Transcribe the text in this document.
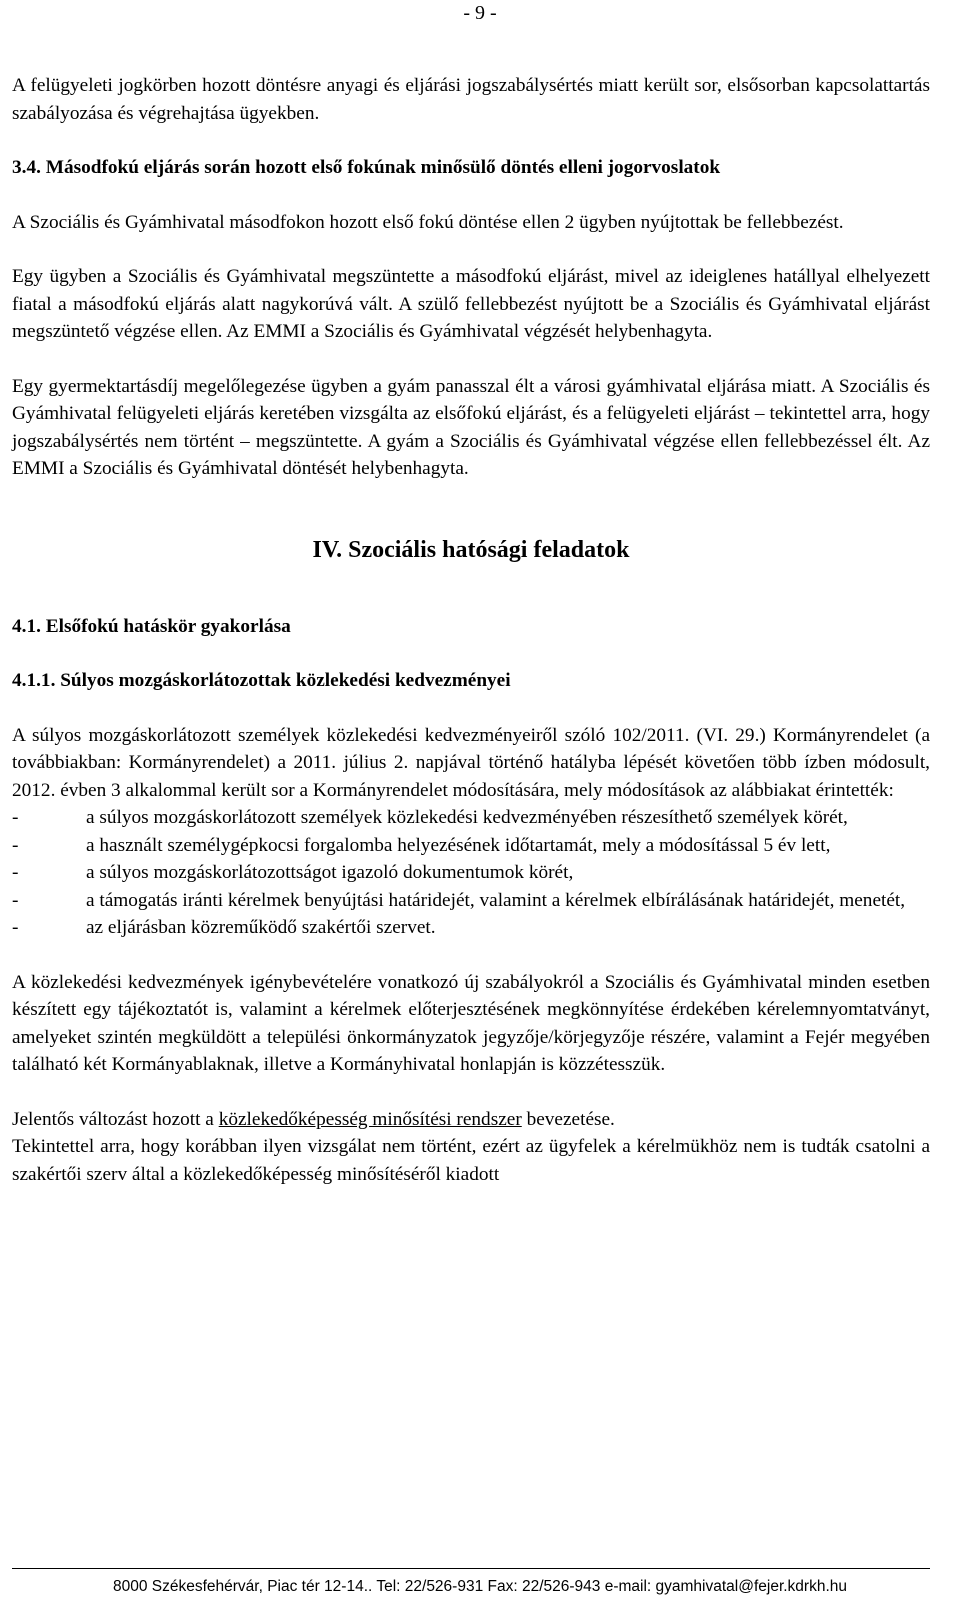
- 9 -

A felügyeleti jogkörben hozott döntésre anyagi és eljárási jogszabálysértés miatt került sor, elsősorban kapcsolattartás szabályozása és végrehajtása ügyekben.

3.4. Másodfokú eljárás során hozott első fokúnak minősülő döntés elleni jogorvoslatok

A Szociális és Gyámhivatal másodfokon hozott első fokú döntése ellen 2 ügyben nyújtottak be fellebbezést.

Egy ügyben a Szociális és Gyámhivatal megszüntette a másodfokú eljárást, mivel az ideiglenes hatállyal elhelyezett fiatal a másodfokú eljárás alatt nagykorúvá vált. A szülő fellebbezést nyújtott be a Szociális és Gyámhivatal eljárást megszüntető végzése ellen. Az EMMI a Szociális és Gyámhivatal végzését helybenhagyta.

Egy gyermektartásdíj megelőlegezése ügyben a gyám panasszal élt a városi gyámhivatal eljárása miatt. A Szociális és Gyámhivatal felügyeleti eljárás keretében vizsgálta az elsőfokú eljárást, és a felügyeleti eljárást – tekintettel arra, hogy jogszabálysértés nem történt – megszüntette. A gyám a Szociális és Gyámhivatal végzése ellen fellebbezéssel élt. Az EMMI a Szociális és Gyámhivatal döntését helybenhagyta.

IV. Szociális hatósági feladatok

4.1. Elsőfokú hatáskör gyakorlása

4.1.1. Súlyos mozgáskorlátozottak közlekedési kedvezményei

A súlyos mozgáskorlátozott személyek közlekedési kedvezményeiről szóló 102/2011. (VI. 29.) Kormányrendelet (a továbbiakban: Kormányrendelet) a 2011. július 2. napjával történő hatályba lépését követően több ízben módosult, 2012. évben 3 alkalommal került sor a Kormányrendelet módosítására, mely módosítások az alábbiakat érintették:

-	a súlyos mozgáskorlátozott személyek közlekedési kedvezményében részesíthető személyek körét,
-	a használt személygépkocsi forgalomba helyezésének időtartamát, mely a módosítással 5 év lett,
-	a súlyos mozgáskorlátozottságot igazoló dokumentumok körét,
-	a támogatás iránti kérelmek benyújtási határidejét, valamint a kérelmek elbírálásának határidejét, menetét,
-	az eljárásban közreműködő szakértői szervet.

A közlekedési kedvezmények igénybevételére vonatkozó új szabályokról a Szociális és Gyámhivatal minden esetben készített egy tájékoztatót is, valamint a kérelmek előterjesztésének megkönnyítése érdekében kérelemnyomtatványt, amelyeket szintén megküldött a települési önkormányzatok jegyzője/körjegyzője részére, valamint a Fejér megyében található két Kormányablaknak, illetve a Kormányhivatal honlapján is közzétesszük.

Jelentős változást hozott a közlekedőképesség minősítési rendszer bevezetése.

Tekintettel arra, hogy korábban ilyen vizsgálat nem történt, ezért az ügyfelek a kérelmükhöz nem is tudták csatolni a szakértői szerv által a közlekedőképesség minősítéséről kiadott

8000 Székesfehérvár, Piac tér 12-14.. Tel: 22/526-931 Fax: 22/526-943 e-mail: gyamhivatal@fejer.kdrkh.hu
